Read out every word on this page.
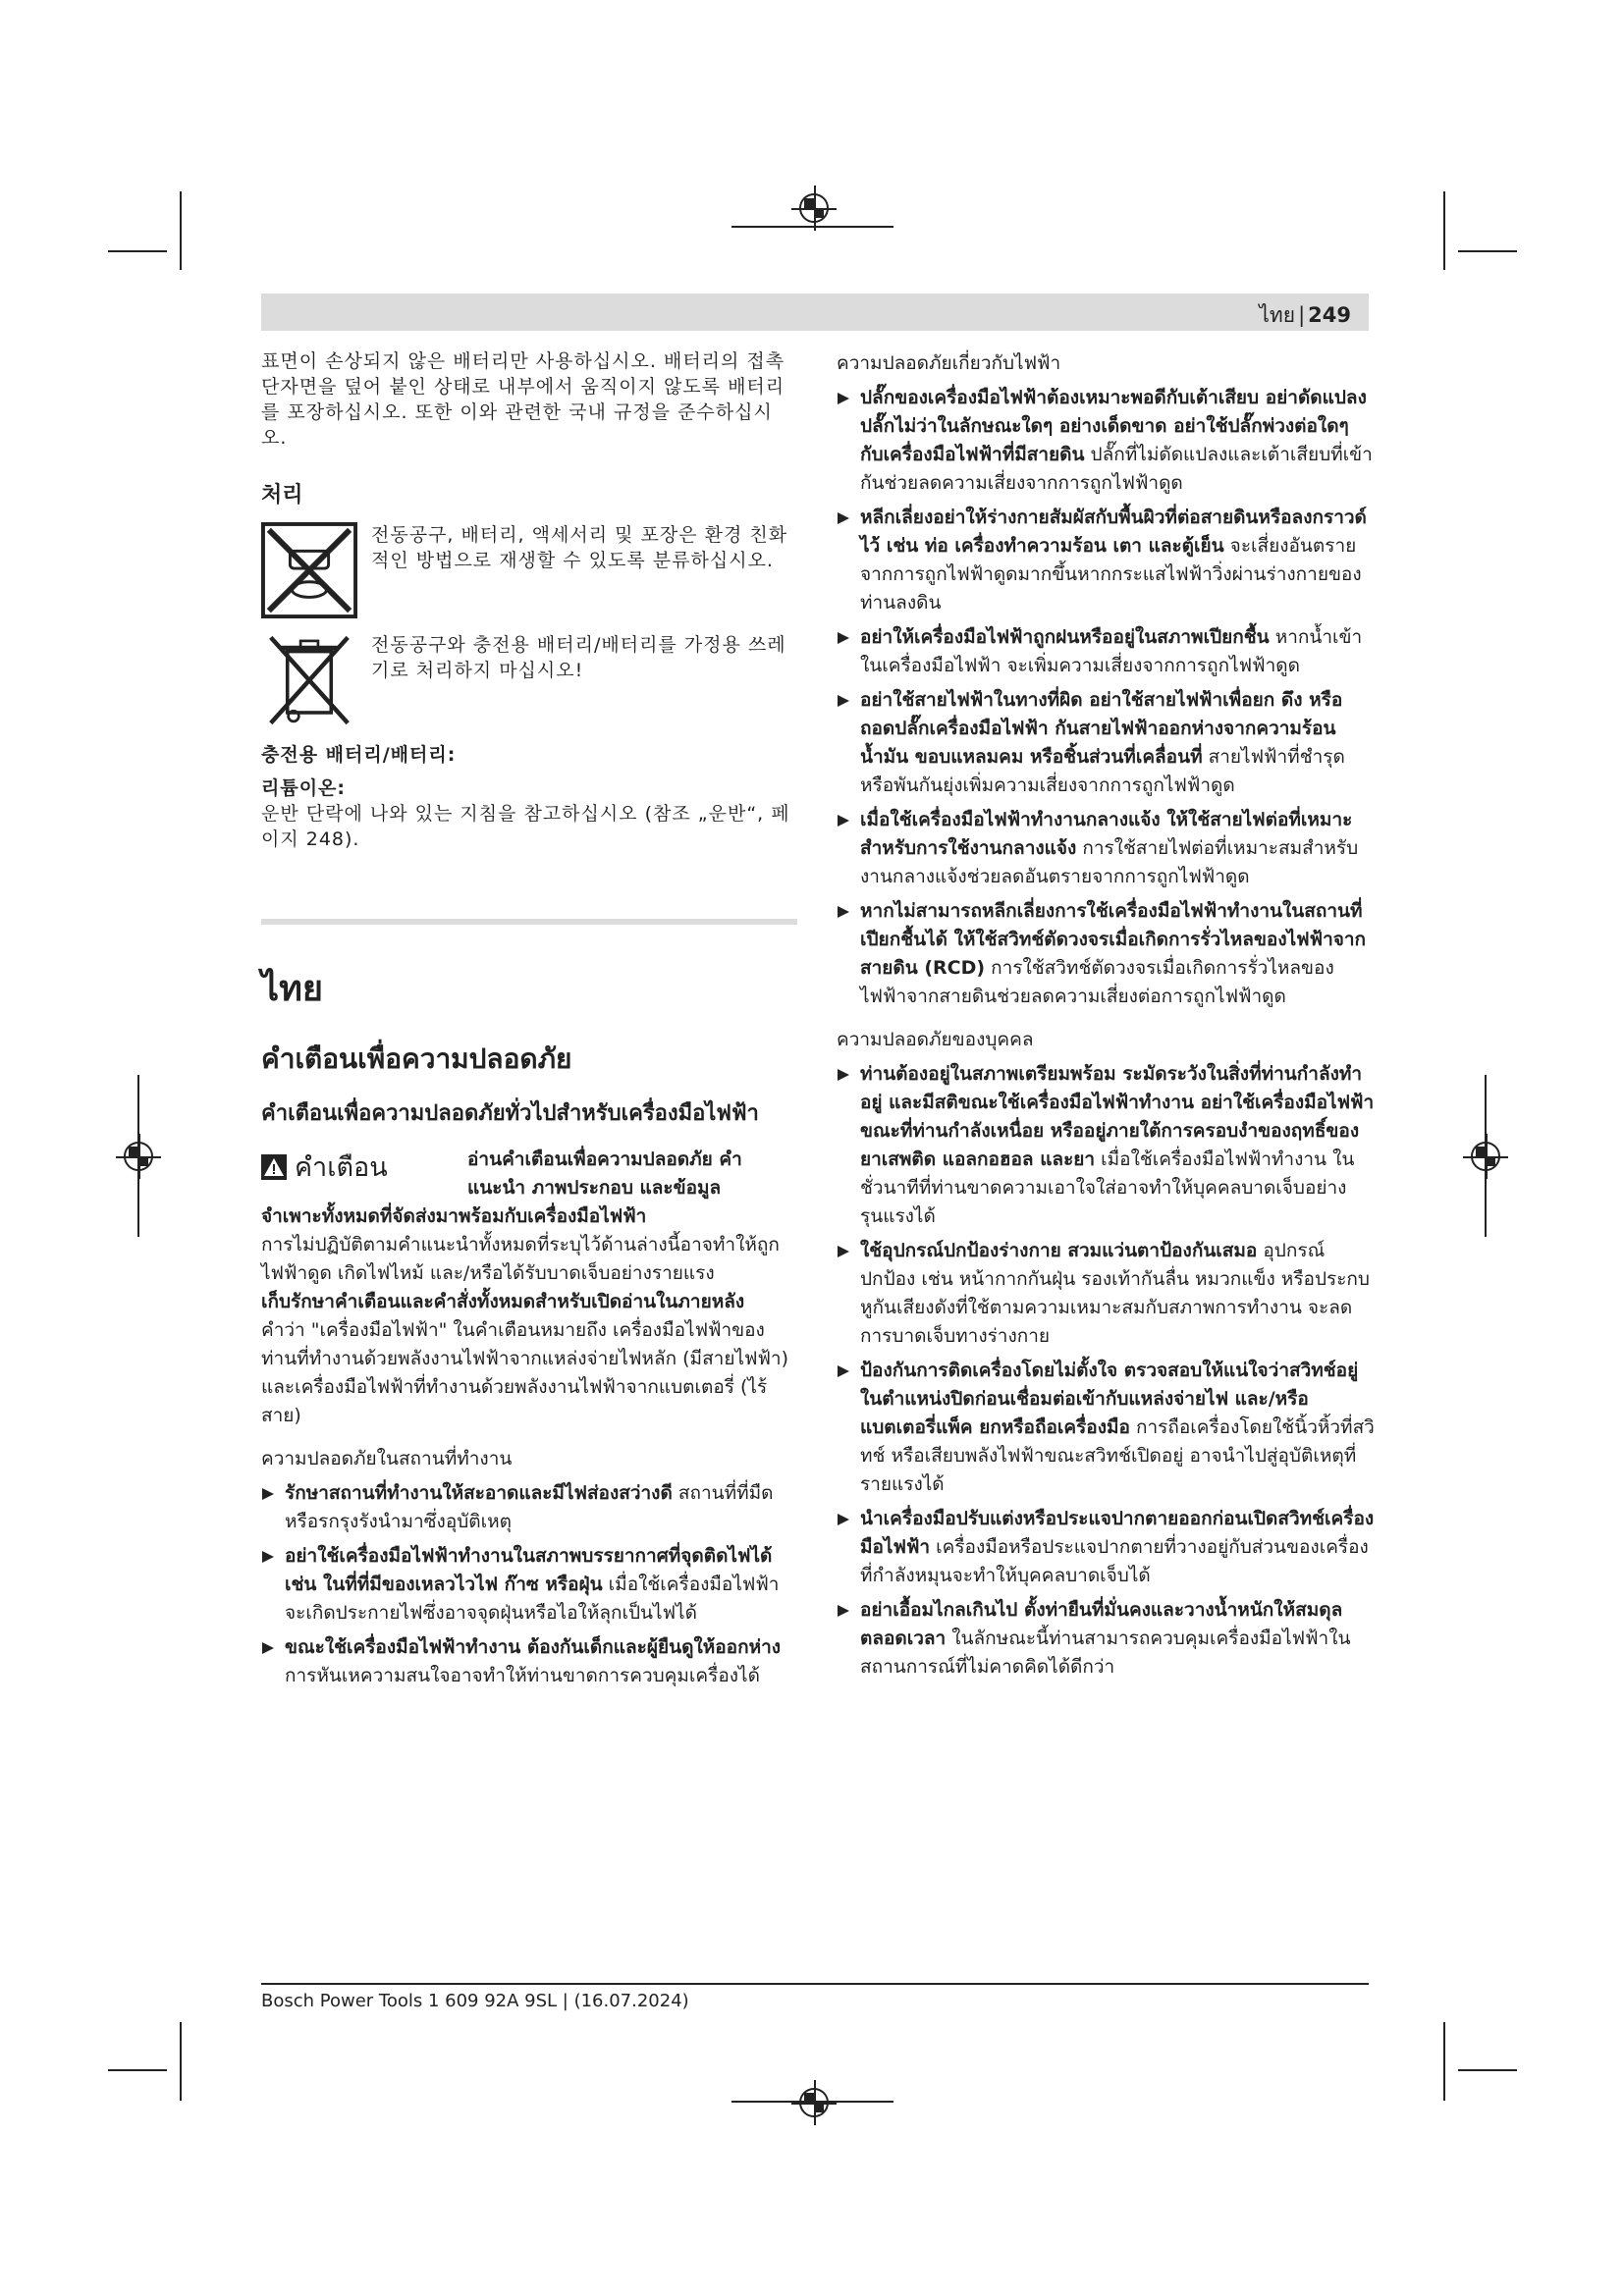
ไทย | 249

표면이 손상되지 않은 배터리만 사용하십시오. 배터리의 접촉 단자면을 덮어 붙인 상태로 내부에서 움직이지 않도록 배터리를 포장하십시오. 또한 이와 관련한 국내 규정을 준수하십시오.

처리

전동공구, 배터리, 액세서리 및 포장은 환경 친화적인 방법으로 재생할 수 있도록 분류하십시오.

전동공구와 충전용 배터리/배터리를 가정용 쓰레기로 처리하지 마십시오!

충전용 배터리/배터리:
리튬이온:

운반 단락에 나와 있는 지침을 참고하십시오 (참조 „운반“, 페이지 248).

ไทย
คำเตือนเพื่อความปลอดภัย
คำเตือนเพื่อความปลอดภัยทั่วไปสำหรับเครื่องมือไฟฟ้า
คำเตือน	อ่านคำเตือนเพื่อความปลอดภัย คำแนะนำ ภาพประกอบ และข้อมูล

จำเพาะทั้งหมดที่จัดส่งมาพร้อมกับเครื่องมือไฟฟ้า

การไม่ปฏิบัติตามคำแนะนำทั้งหมดที่ระบุไว้ด้านล่างนี้อาจทำให้ถูกไฟฟ้าดูด เกิดไฟไหม้ และ/หรือได้รับบาดเจ็บอย่างรายแรง

เก็บรักษาคำเตือนและคำสั่งทั้งหมดสำหรับเปิดอ่านในภายหลัง

คำว่า "เครื่องมือไฟฟ้า" ในคำเตือนหมายถึง เครื่องมือไฟฟ้าของท่านที่ทำงานด้วยพลังงานไฟฟ้าจากแหล่งจ่ายไฟหลัก (มีสายไฟฟ้า) และเครื่องมือไฟฟ้าที่ทำงานด้วยพลังงานไฟฟ้าจากแบตเตอรี่ (ไร้สาย)

ความปลอดภัยในสถานที่ทำงาน
รักษาสถานที่ทำงานให้สะอาดและมีไฟส่องสว่างดี สถานที่ที่มืดหรือรกรุงรังนำมาซึ่งอุบัติเหตุ
อย่าใช้เครื่องมือไฟฟ้าทำงานในสภาพบรรยากาศที่จุดติดไฟได้ เช่น ในที่ที่มีของเหลวไวไฟ ก๊าซ หรือฝุ่น เมื่อใช้เครื่องมือไฟฟ้าจะเกิดประกายไฟซึ่งอาจจุดฝุ่นหรือไอให้ลุกเป็นไฟได้
ขณะใช้เครื่องมือไฟฟ้าทำงาน ต้องกันเด็กและผู้ยืนดูให้ออกห่าง การหันเหความสนใจอาจทำให้ท่านขาดการควบคุมเครื่องได้
ความปลอดภัยเกี่ยวกับไฟฟ้า
ปลั๊กของเครื่องมือไฟฟ้าต้องเหมาะพอดีกับเต้าเสียบ อย่าดัดแปลงปลั๊กไม่ว่าในลักษณะใดๆ อย่างเด็ดขาด อย่าใช้ปลั๊กพ่วงต่อใดๆ กับเครื่องมือไฟฟ้าที่มีสายดิน ปลั๊กที่ไม่ดัดแปลงและเต้าเสียบที่เข้ากันช่วยลดความเสี่ยงจากการถูกไฟฟ้าดูด
หลีกเลี่ยงอย่าให้ร่างกายสัมผัสกับพื้นผิวที่ต่อสายดินหรือลงกราวด์ไว้ เช่น ท่อ เครื่องทำความร้อน เตา และตู้เย็น จะเสี่ยงอันตรายจากการถูกไฟฟ้าดูดมากขึ้นหากกระแสไฟฟ้าวิ่งผ่านร่างกายของท่านลงดิน
อย่าให้เครื่องมือไฟฟ้าถูกฝนหรืออยู่ในสภาพเปียกชื้น หากน้ำเข้าในเครื่องมือไฟฟ้า จะเพิ่มความเสี่ยงจากการถูกไฟฟ้าดูด
อย่าใช้สายไฟฟ้าในทางที่ผิด อย่าใช้สายไฟฟ้าเพื่อยก ดึง หรือถอดปลั๊กเครื่องมือไฟฟ้า กันสายไฟฟ้าออกห่างจากความร้อน น้ำมัน ขอบแหลมคม หรือชิ้นส่วนที่เคลื่อนที่ สายไฟฟ้าที่ชำรุดหรือพันกันยุ่งเพิ่มความเสี่ยงจากการถูกไฟฟ้าดูด
เมื่อใช้เครื่องมือไฟฟ้าทำงานกลางแจ้ง ให้ใช้สายไฟต่อที่เหมาะสำหรับการใช้งานกลางแจ้ง การใช้สายไฟต่อที่เหมาะสมสำหรับงานกลางแจ้งช่วยลดอันตรายจากการถูกไฟฟ้าดูด
หากไม่สามารถหลีกเลี่ยงการใช้เครื่องมือไฟฟ้าทำงานในสถานที่เปียกชื้นได้ ให้ใช้สวิทช์ตัดวงจรเมื่อเกิดการรั่วไหลของไฟฟ้าจากสายดิน (RCD) การใช้สวิทช์ตัดวงจรเมื่อเกิดการรั่วไหลของไฟฟ้าจากสายดินช่วยลดความเสี่ยงต่อการถูกไฟฟ้าดูด
ความปลอดภัยของบุคคล
ท่านต้องอยู่ในสภาพเตรียมพร้อม ระมัดระวังในสิ่งที่ท่านกำลังทำอยู่ และมีสติขณะใช้เครื่องมือไฟฟ้าทำงาน อย่าใช้เครื่องมือไฟฟ้าขณะที่ท่านกำลังเหนื่อย หรืออยู่ภายใต้การครอบงำของฤทธิ์ของยาเสพติด แอลกอฮอล และยา เมื่อใช้เครื่องมือไฟฟ้าทำงาน ในชั่วนาทีที่ท่านขาดความเอาใจใส่อาจทำให้บุคคลบาดเจ็บอย่างรุนแรงได้
ใช้อุปกรณ์ปกป้องร่างกาย สวมแว่นตาป้องกันเสมอ อุปกรณ์ปกป้อง เช่น หน้ากากกันฝุ่น รองเท้ากันลื่น หมวกแข็ง หรือประกบหูกันเสียงดังที่ใช้ตามความเหมาะสมกับสภาพการทำงาน จะลดการบาดเจ็บทางร่างกาย
ป้องกันการติดเครื่องโดยไม่ตั้งใจ ตรวจสอบให้แน่ใจว่าสวิทช์อยู่ในตำแหน่งปิดก่อนเชื่อมต่อเข้ากับแหล่งจ่ายไฟ และ/หรือแบตเตอรี่แพ็ค ยกหรือถือเครื่องมือ การถือเครื่องโดยใช้นิ้วหิ้วที่สวิทช์ หรือเสียบพลังไฟฟ้าขณะสวิทช์เปิดอยู่ อาจนำไปสู่อุบัติเหตุที่รายแรงได้
นำเครื่องมือปรับแต่งหรือประแจปากตายออกก่อนเปิดสวิทช์เครื่องมือไฟฟ้า เครื่องมือหรือประแจปากตายที่วางอยู่กับส่วนของเครื่องที่กำลังหมุนจะทำให้บุคคลบาดเจ็บได้
อย่าเอื้อมไกลเกินไป ตั้งท่ายืนที่มั่นคงและวางน้ำหนักให้สมดุลตลอดเวลา ในลักษณะนี้ท่านสามารถควบคุมเครื่องมือไฟฟ้าในสถานการณ์ที่ไม่คาดคิดได้ดีกว่า
Bosch Power Tools 1 609 92A 9SL | (16.07.2024)
